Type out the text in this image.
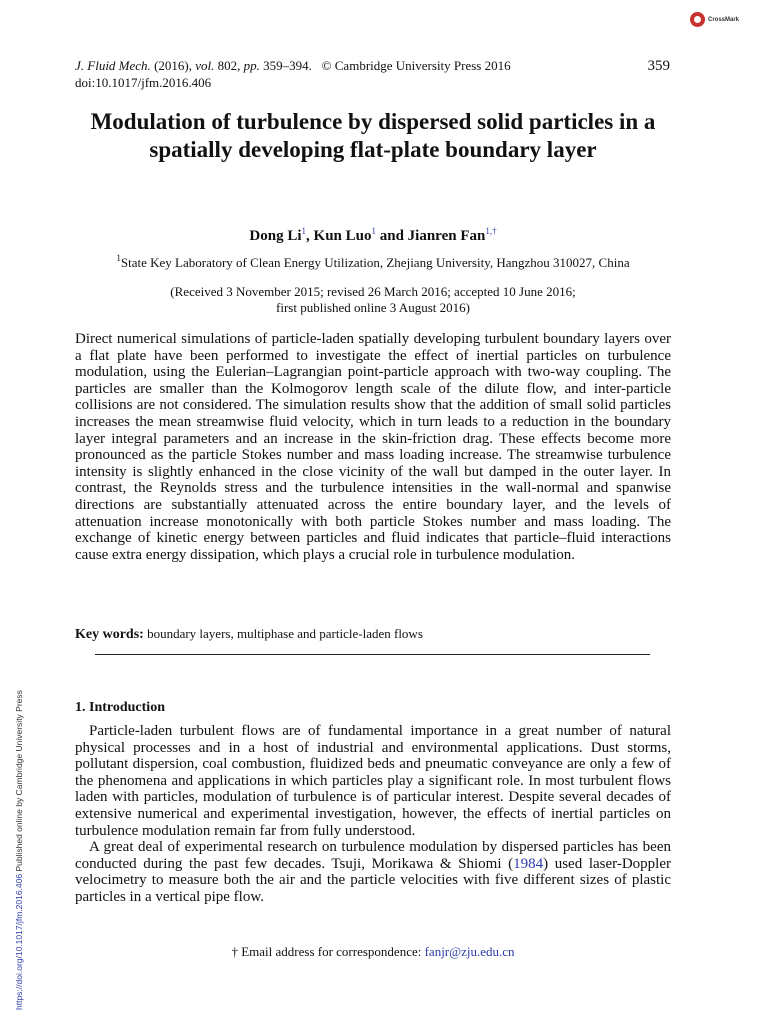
CrossMark
J. Fluid Mech. (2016), vol. 802, pp. 359–394. © Cambridge University Press 2016
doi:10.1017/jfm.2016.406
359
Modulation of turbulence by dispersed solid particles in a spatially developing flat-plate boundary layer
Dong Li$^1$, Kun Luo$^1$ and Jianren Fan$^{1,\dagger}$
$^1$State Key Laboratory of Clean Energy Utilization, Zhejiang University, Hangzhou 310027, China
(Received 3 November 2015; revised 26 March 2016; accepted 10 June 2016;
first published online 3 August 2016)

Direct numerical simulations of particle-laden spatially developing turbulent boundary layers over a flat plate have been performed to investigate the effect of inertial particles on turbulence modulation, using the Eulerian–Lagrangian point-particle approach with two-way coupling. The particles are smaller than the Kolmogorov length scale of the dilute flow, and inter-particle collisions are not considered. The simulation results show that the addition of small solid particles increases the mean streamwise fluid velocity, which in turn leads to a reduction in the boundary layer integral parameters and an increase in the skin-friction drag. These effects become more pronounced as the particle Stokes number and mass loading increase. The streamwise turbulence intensity is slightly enhanced in the close vicinity of the wall but damped in the outer layer. In contrast, the Reynolds stress and the turbulence intensities in the wall-normal and spanwise directions are substantially attenuated across the entire boundary layer, and the levels of attenuation increase monotonically with both particle Stokes number and mass loading. The exchange of kinetic energy between particles and fluid indicates that particle–fluid interactions cause extra energy dissipation, which plays a crucial role in turbulence modulation.

Key words: boundary layers, multiphase and particle-laden flows
1. Introduction

Particle-laden turbulent flows are of fundamental importance in a great number of natural physical processes and in a host of industrial and environmental applications. Dust storms, pollutant dispersion, coal combustion, fluidized beds and pneumatic conveyance are only a few of the phenomena and applications in which particles play a significant role. In most turbulent flows laden with particles, modulation of turbulence is of particular interest. Despite several decades of extensive numerical and experimental investigation, however, the effects of inertial particles on turbulence modulation remain far from fully understood.

A great deal of experimental research on turbulence modulation by dispersed particles has been conducted during the past few decades. Tsuji, Morikawa & Shiomi (1984) used laser-Doppler velocimetry to measure both the air and the particle velocities with five different sizes of plastic particles in a vertical pipe flow.

† Email address for correspondence: fanjr@zju.edu.cn
https://doi.org/10.1017/jfm.2016.406 Published online by Cambridge University Press
